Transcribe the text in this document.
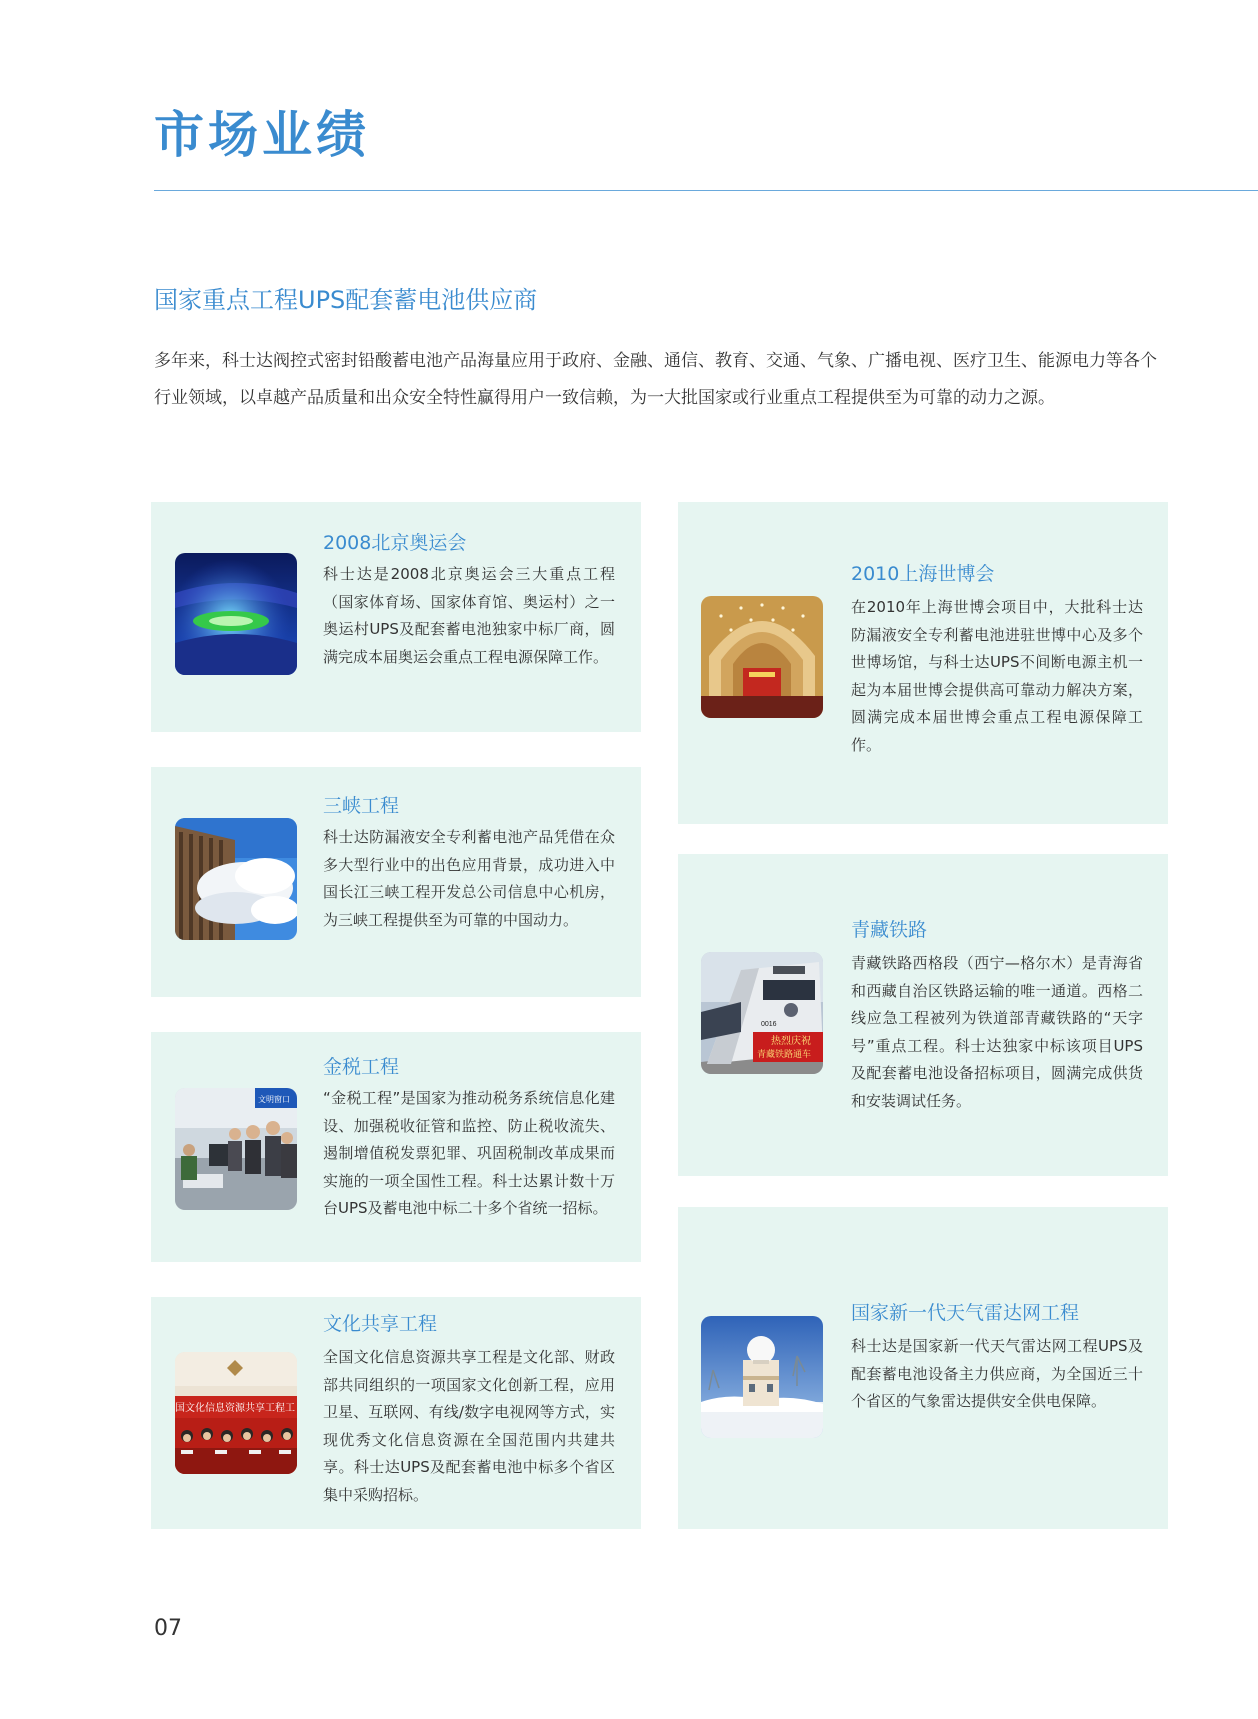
市场业绩
国家重点工程UPS配套蓄电池供应商

多年来，科士达阀控式密封铅酸蓄电池产品海量应用于政府、金融、通信、教育、交通、气象、广播电视、医疗卫生、能源电力等各个行业领域，以卓越产品质量和出众安全特性赢得用户一致信赖，为一大批国家或行业重点工程提供至为可靠的动力之源。

2008北京奥运会

科士达是2008北京奥运会三大重点工程（国家体育场、国家体育馆、奥运村）之一奥运村UPS及配套蓄电池独家中标厂商，圆满完成本届奥运会重点工程电源保障工作。

2010上海世博会

在2010年上海世博会项目中，大批科士达防漏液安全专利蓄电池进驻世博中心及多个世博场馆，与科士达UPS不间断电源主机一起为本届世博会提供高可靠动力解决方案，圆满完成本届世博会重点工程电源保障工作。

三峡工程

科士达防漏液安全专利蓄电池产品凭借在众多大型行业中的出色应用背景，成功进入中国长江三峡工程开发总公司信息中心机房，为三峡工程提供至为可靠的中国动力。

0016
热烈庆祝
青藏铁路通车
青藏铁路

青藏铁路西格段（西宁—格尔木）是青海省和西藏自治区铁路运输的唯一通道。西格二线应急工程被列为铁道部青藏铁路的“天字号”重点工程。科士达独家中标该项目UPS及配套蓄电池设备招标项目，圆满完成供货和安装调试任务。

文明窗口
金税工程

“金税工程”是国家为推动税务系统信息化建设、加强税收征管和监控、防止税收流失、遏制增值税发票犯罪、巩固税制改革成果而实施的一项全国性工程。科士达累计数十万台UPS及蓄电池中标二十多个省统一招标。

国家新一代天气雷达网工程

科士达是国家新一代天气雷达网工程UPS及配套蓄电池设备主力供应商，为全国近三十个省区的气象雷达提供安全供电保障。

国文化信息资源共享工程工
文化共享工程

全国文化信息资源共享工程是文化部、财政部共同组织的一项国家文化创新工程，应用卫星、互联网、有线/数字电视网等方式，实现优秀文化信息资源在全国范围内共建共享。科士达UPS及配套蓄电池中标多个省区集中采购招标。

07
